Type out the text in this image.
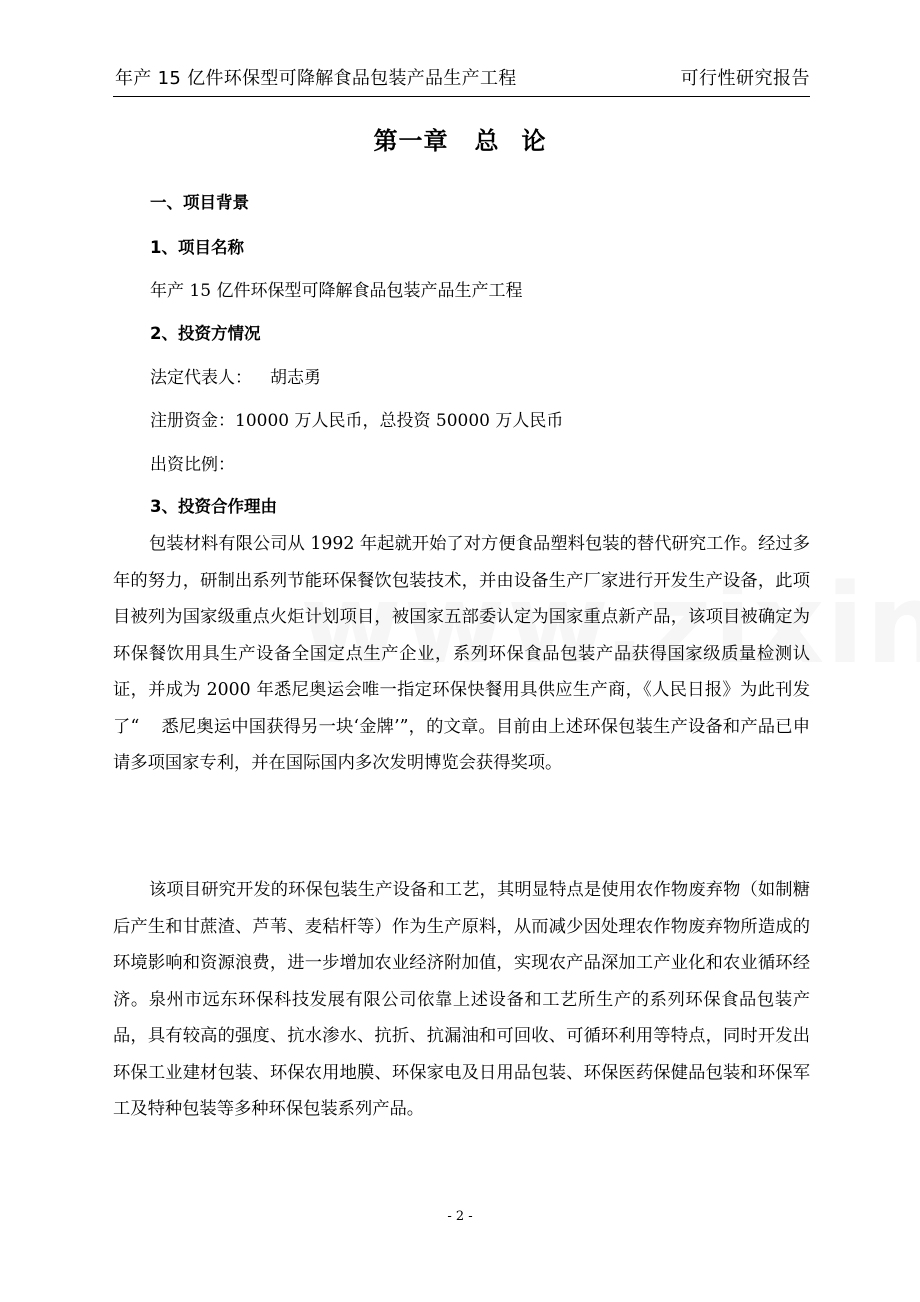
年产 15 亿件环保型可降解食品包装产品生产工程	可行性研究报告
第一章 总 论
一、项目背景
1、项目名称
年产 15 亿件环保型可降解食品包装产品生产工程
2、投资方情况
法定代表人： 胡志勇
注册资金：10000 万人民币，总投资 50000 万人民币
出资比例：
3、投资合作理由
包装材料有限公司从 1992 年起就开始了对方便食品塑料包装的替代研究工作。经过多年的努力，研制出系列节能环保餐饮包装技术，并由设备生产厂家进行开发生产设备，此项目被列为国家级重点火炬计划项目，被国家五部委认定为国家重点新产品，该项目被确定为环保餐饮用具生产设备全国定点生产企业，系列环保食品包装产品获得国家级质量检测认证，并成为 2000 年悉尼奥运会唯一指定环保快餐用具供应生产商，《人民日报》为此刊发了“ 悉尼奥运中国获得另一块‘金牌’”，的文章。目前由上述环保包装生产设备和产品已申请多项国家专利，并在国际国内多次发明博览会获得奖项。
该项目研究开发的环保包装生产设备和工艺，其明显特点是使用农作物废弃物（如制糖后产生和甘蔗渣、芦苇、麦秸杆等）作为生产原料，从而减少因处理农作物废弃物所造成的环境影响和资源浪费，进一步增加农业经济附加值，实现农产品深加工产业化和农业循环经济。泉州市远东环保科技发展有限公司依靠上述设备和工艺所生产的系列环保食品包装产品，具有较高的强度、抗水渗水、抗折、抗漏油和可回收、可循环利用等特点，同时开发出环保工业建材包装、环保农用地膜、环保家电及日用品包装、环保医药保健品包装和环保军工及特种包装等多种环保包装系列产品。
- 2 -
